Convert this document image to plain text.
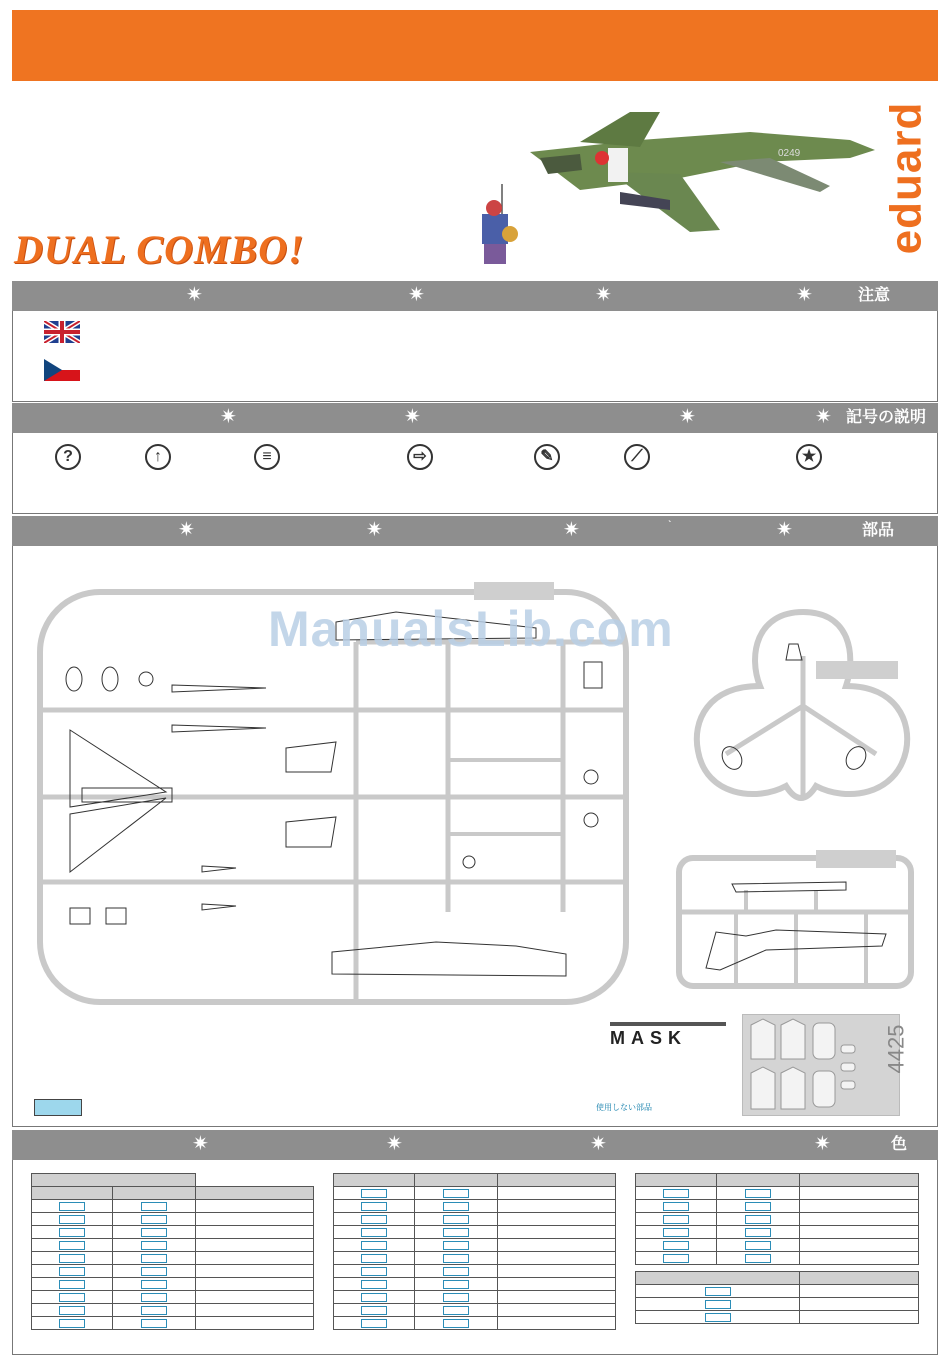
0249
DUAL COMBO!	eduard
✷	✷	✷	✷	注意
✷	✷	✷	✷ 記号の説明
?	↑	≡	⇨	✎	⟋	★
✷	✷	✷	ˋ	✷	部品
ManualsLib.com
MASK	4425
使用しない部品
✷	✷	✷	✷	色
